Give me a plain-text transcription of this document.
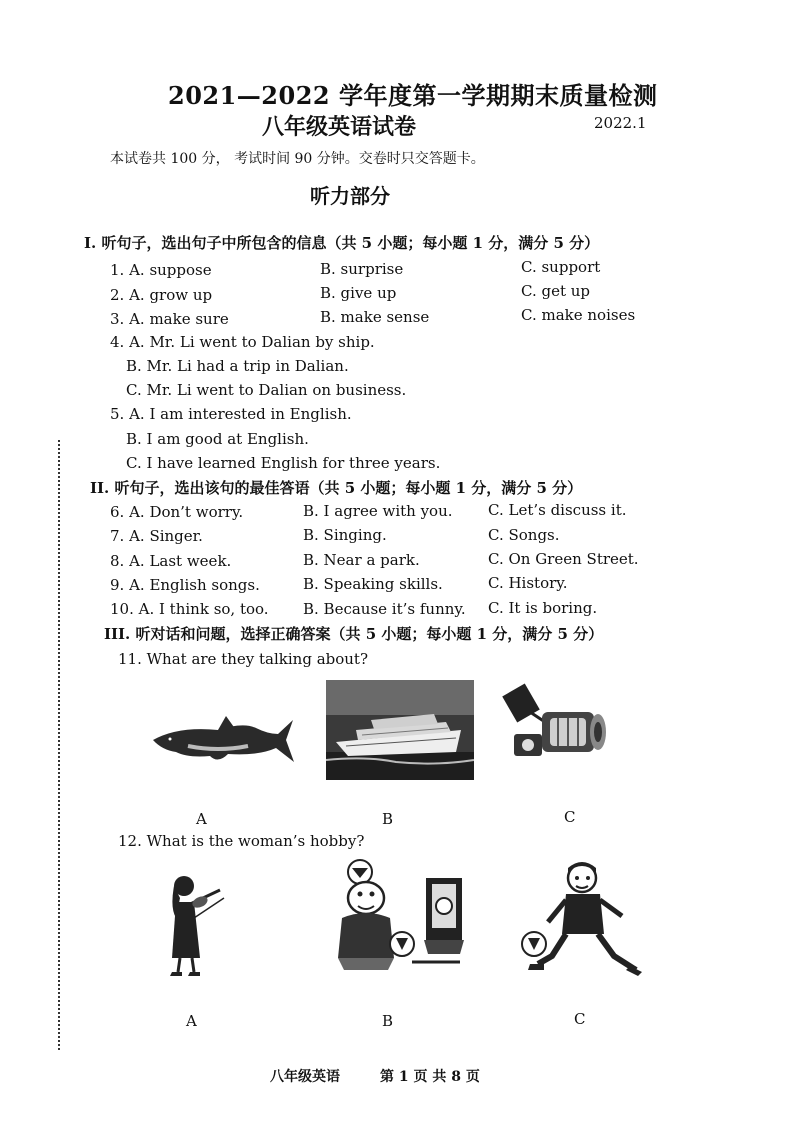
2021—2022 学年度第一学期期末质量检测
八年级英语试卷	2022.1
本试卷共 100 分， 考试时间 90 分钟。交卷时只交答题卡。
听力部分
I. 听句子，选出句子中所包含的信息（共 5 小题；每小题 1 分，满分 5 分）
1. A. suppose	B. surprise	C. support
2. A. grow up	B. give up	C. get up
3. A. make sure	B. make sense	C. make noises
4. A. Mr. Li went to Dalian by ship.
B. Mr. Li had a trip in Dalian.
C. Mr. Li went to Dalian on business.
5. A. I am interested in English.
B. I am good at English.
C. I have learned English for three years.
II. 听句子，选出该句的最佳答语（共 5 小题；每小题 1 分，满分 5 分）
6. A. Don’t worry.	B. I agree with you. C. Let’s discuss it.
7. A. Singer.	B. Singing.	C. Songs.
8. A. Last week.	B. Near a park.	C. On Green Street.
9. A. English songs.	B. Speaking skills.	C. History.
10. A. I think so, too. B. Because it’s funny. C. It is boring.
III. 听对话和问题，选择正确答案（共 5 小题；每小题 1 分，满分 5 分）
11. What are they talking about?
A	B	C
12. What is the woman’s hobby?
A	B	C
八年级英语	第 1 页 共 8 页
